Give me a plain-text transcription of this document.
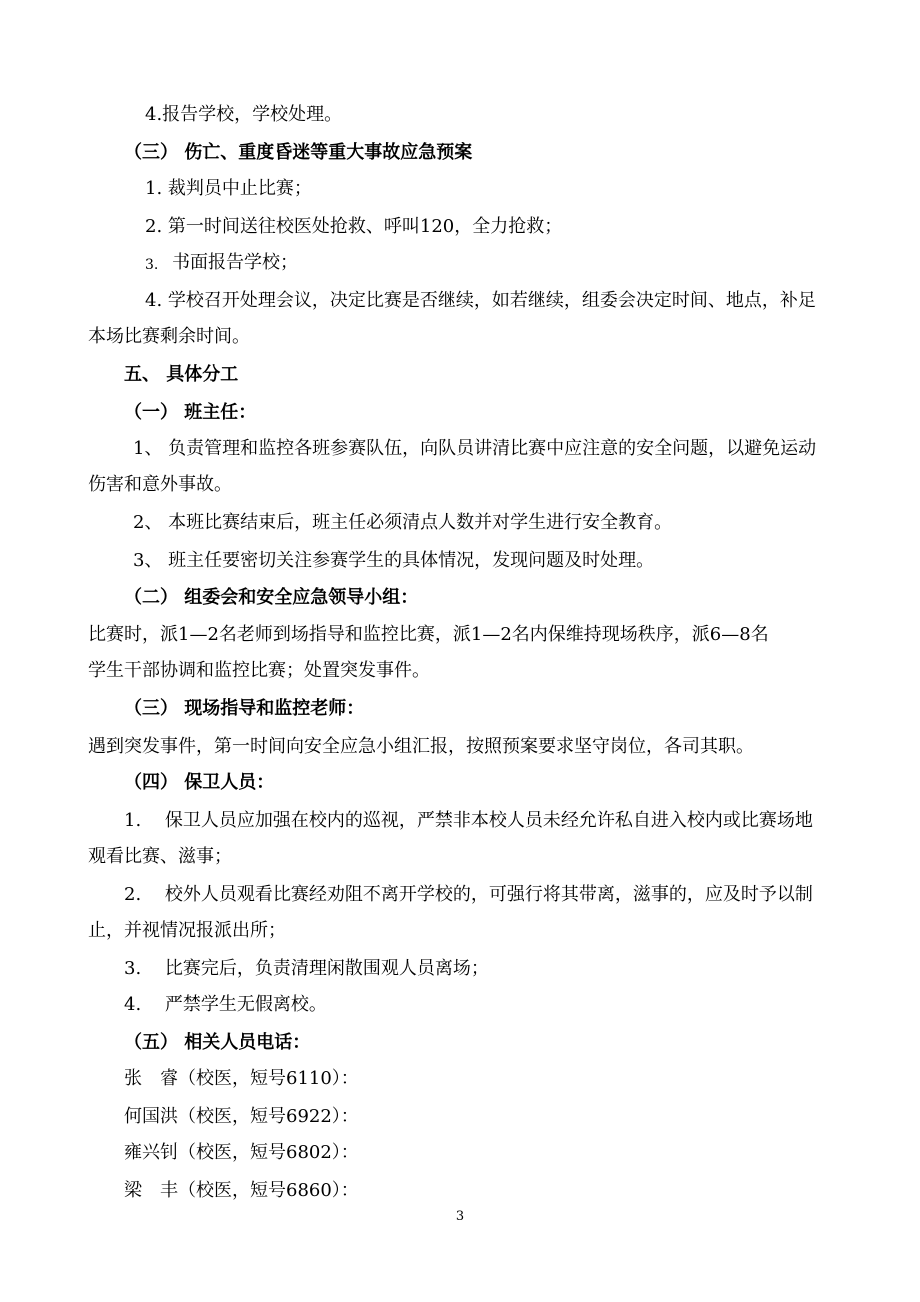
4.报告学校，学校处理。
（三） 伤亡、重度昏迷等重大事故应急预案
1. 裁判员中止比赛；
2. 第一时间送往校医处抢救、呼叫120，全力抢救；
3. 书面报告学校；
4. 学校召开处理会议，决定比赛是否继续，如若继续，组委会决定时间、地点，补足
本场比赛剩余时间。
五、 具体分工
（一） 班主任：
1、 负责管理和监控各班参赛队伍，向队员讲清比赛中应注意的安全问题，以避免运动
伤害和意外事故。
2、 本班比赛结束后，班主任必须清点人数并对学生进行安全教育。
3、 班主任要密切关注参赛学生的具体情况，发现问题及时处理。
（二） 组委会和安全应急领导小组：
比赛时，派1—2名老师到场指导和监控比赛，派1—2名内保维持现场秩序，派6—8名
学生干部协调和监控比赛；处置突发事件。
（三） 现场指导和监控老师：
遇到突发事件，第一时间向安全应急小组汇报，按照预案要求坚守岗位，各司其职。
（四） 保卫人员：
1.　 保卫人员应加强在校内的巡视，严禁非本校人员未经允许私自进入校内或比赛场地
观看比赛、滋事；
2.　 校外人员观看比赛经劝阻不离开学校的，可强行将其带离，滋事的，应及时予以制
止，并视情况报派出所；
3.　 比赛完后，负责清理闲散围观人员离场；
4.　 严禁学生无假离校。
（五） 相关人员电话：
张　睿（校医，短号6110）：
何国洪（校医，短号6922）：
雍兴钊（校医，短号6802）：
梁　丰（校医，短号6860）：
3
